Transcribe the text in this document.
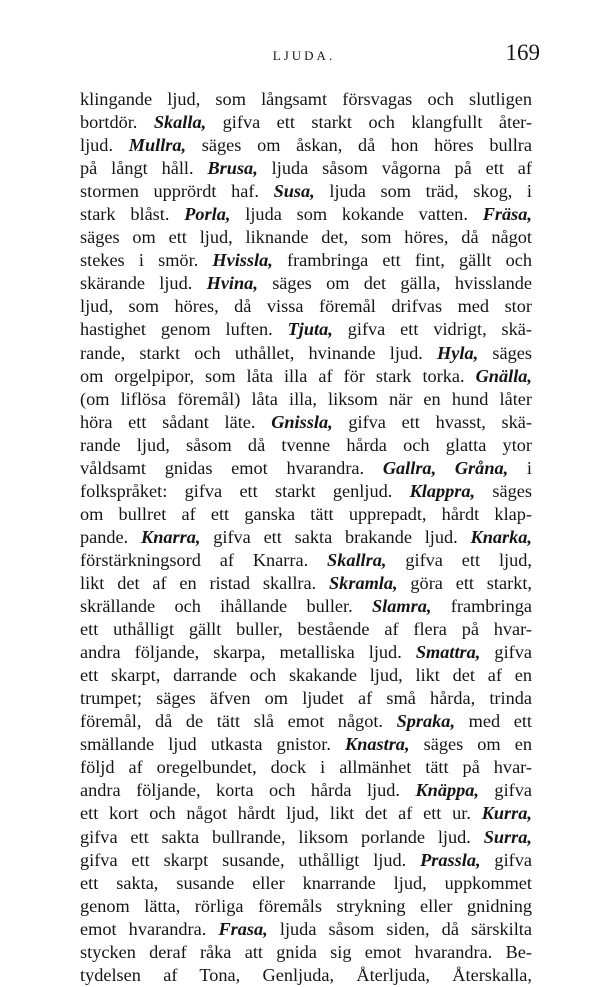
LJUDA.	169
klingande ljud, som långsamt försvagas och slutligen
bortdör. Skalla, gifva ett starkt och klangfullt åter-
ljud. Mullra, säges om åskan, då hon höres bullra
på långt håll. Brusa, ljuda såsom vågorna på ett af
stormen upprördt haf. Susa, ljuda som träd, skog, i
stark blåst. Porla, ljuda som kokande vatten. Fräsa,
säges om ett ljud, liknande det, som höres, då något
stekes i smör. Hvissla, frambringa ett fint, gällt och
skärande ljud. Hvina, säges om det gälla, hvisslande
ljud, som höres, då vissa föremål drifvas med stor
hastighet genom luften. Tjuta, gifva ett vidrigt, skä-
rande, starkt och uthållet, hvinande ljud. Hyla, säges
om orgelpipor, som låta illa af för stark torka. Gnälla,
(om liflösa föremål) låta illa, liksom när en hund låter
höra ett sådant läte. Gnissla, gifva ett hvasst, skä-
rande ljud, såsom då tvenne hårda och glatta ytor
våldsamt gnidas emot hvarandra. Gallra, Gråna, i
folkspråket: gifva ett starkt genljud. Klappra, säges
om bullret af ett ganska tätt upprepadt, hårdt klap-
pande. Knarra, gifva ett sakta brakande ljud. Knarka,
förstärkningsord af Knarra. Skallra, gifva ett ljud,
likt det af en ristad skallra. Skramla, göra ett starkt,
skrällande och ihållande buller. Slamra, frambringa
ett uthålligt gällt buller, bestående af flera på hvar-
andra följande, skarpa, metalliska ljud. Smattra, gifva
ett skarpt, darrande och skakande ljud, likt det af en
trumpet; säges äfven om ljudet af små hårda, trinda
föremål, då de tätt slå emot något. Spraka, med ett
smällande ljud utkasta gnistor. Knastra, säges om en
följd af oregelbundet, dock i allmänhet tätt på hvar-
andra följande, korta och hårda ljud. Knäppa, gifva
ett kort och något hårdt ljud, likt det af ett ur. Kurra,
gifva ett sakta bullrande, liksom porlande ljud. Surra,
gifva ett skarpt susande, uthålligt ljud. Prassla, gifva
ett sakta, susande eller knarrande ljud, uppkommet
genom lätta, rörliga föremåls strykning eller gnidning
emot hvarandra. Frasa, ljuda såsom siden, då särskilta
stycken deraf råka att gnida sig emot hvarandra. Be-
tydelsen af Tona, Genljuda, Återljuda, Återskalla,
